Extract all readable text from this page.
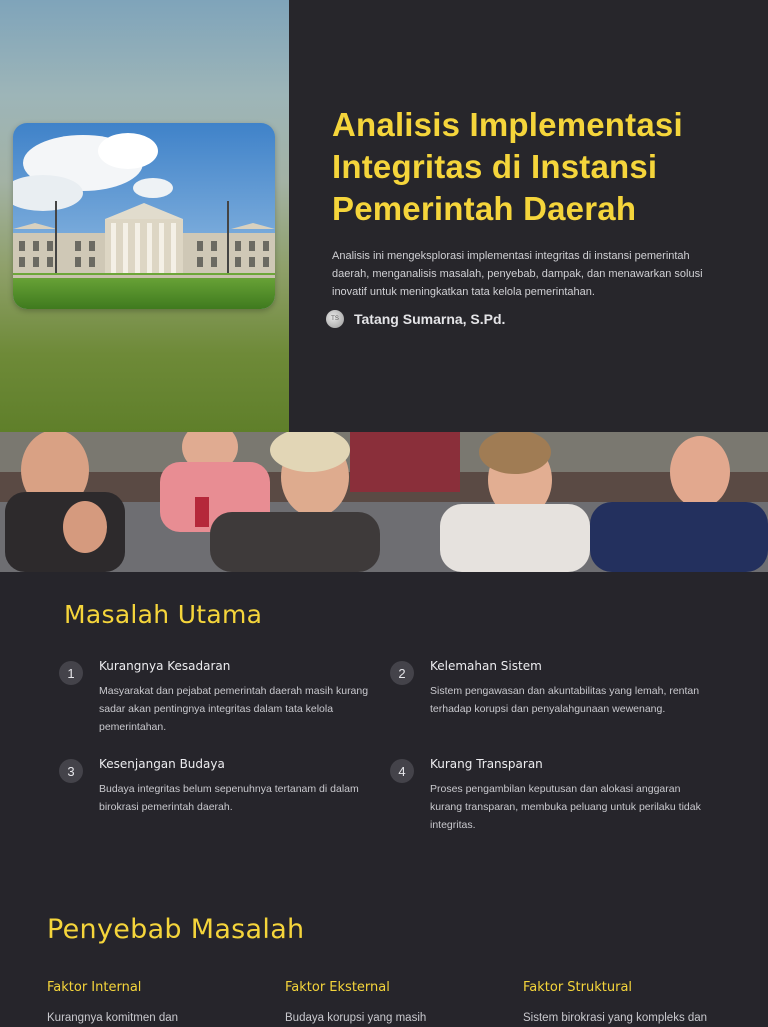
Analisis Implementasi Integritas di Instansi Pemerintah Daerah

Analisis ini mengeksplorasi implementasi integritas di instansi pemerintah daerah, menganalisis masalah, penyebab, dampak, dan menawarkan solusi inovatif untuk meningkatkan tata kelola pemerintahan.

TS	Tatang Sumarna, S.Pd.
Masalah Utama
1	Kurangnya Kesadaran
Masyarakat dan pejabat pemerintah daerah masih kurang sadar akan pentingnya integritas dalam tata kelola pemerintahan.
2	Kelemahan Sistem
Sistem pengawasan dan akuntabilitas yang lemah, rentan terhadap korupsi dan penyalahgunaan wewenang.
3	Kesenjangan Budaya
Budaya integritas belum sepenuhnya tertanam di dalam birokrasi pemerintah daerah.
4	Kurang Transparan
Proses pengambilan keputusan dan alokasi anggaran kurang transparan, membuka peluang untuk perilaku tidak integritas.
Penyebab Masalah
Faktor Internal
Kurangnya komitmen dan
Faktor Eksternal
Budaya korupsi yang masih
Faktor Struktural
Sistem birokrasi yang kompleks dan
